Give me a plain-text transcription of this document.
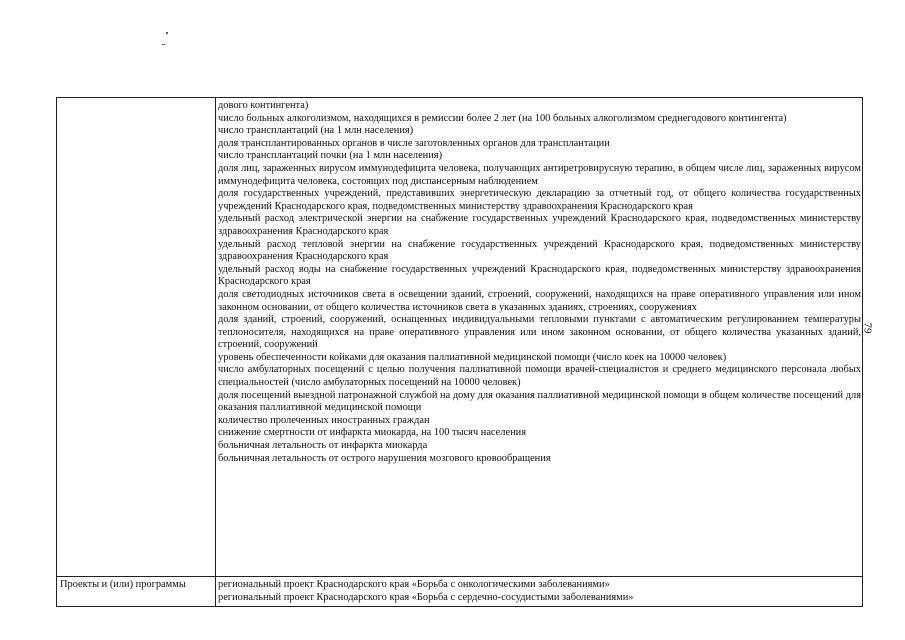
дового контингента)
число больных алкоголизмом, находящихся в ремиссии более 2 лет (на 100 больных алкоголизмом среднегодового контингента)
число трансплантаций (на 1 млн населения)
доля трансплантированных органов в числе заготовленных органов для трансплантации
число трансплантаций почки (на 1 млн населения)
доля лиц, зараженных вирусом иммунодефицита человека, получающих антиретровирусную терапию, в общем числе лиц, зараженных вирусом иммунодефицита человека, состоящих под диспансерным наблюдением
доля государственных учреждений, представивших энергетическую декларацию за отчетный год, от общего количества государственных учреждений Краснодарского края, подведомственных министерству здравоохранения Краснодарского края
удельный расход электрической энергии на снабжение государственных учреждений Краснодарского края, подведомственных министерству здравоохранения Краснодарского края
удельный расход тепловой энергии на снабжение государственных учреждений Краснодарского края, подведомственных министерству здравоохранения Краснодарского края
удельный расход воды на снабжение государственных учреждений Краснодарского края, подведомственных министерству здравоохранения Краснодарского края
доля светодиодных источников света в освещении зданий, строений, сооружений, находящихся на праве оперативного управления или ином законном основании, от общего количества источников света в указанных зданиях, строениях, сооружениях
доля зданий, строений, сооружений, оснащенных индивидуальными тепловыми пунктами с автоматическим регулированием температуры теплоносителя, находящихся на праве оперативного управления или ином законном основании, от общего количества указанных зданий, строений, сооружений
уровень обеспеченности койками для оказания паллиативной медицинской помощи (число коек на 10000 человек)
число амбулаторных посещений с целью получения паллиативной помощи врачей-специалистов и среднего медицинского персонала любых специальностей (число амбулаторных посещений на 10000 человек)
доля посещений выездной патронажной службой на дому для оказания паллиативной медицинской помощи в общем количестве посещений для оказания паллиативной медицинской помощи
количество пролеченных иностранных граждан
снижение смертности от инфаркта миокарда, на 100 тысяч населения
больничная летальность от инфаркта миокарда
больничная летальность от острого нарушения мозгового кровообращения
Проекты и (или) программы	региональный проект Краснодарского края «Борьба с онкологическими заболеваниями»
региональный проект Краснодарского края «Борьба с сердечно-сосудистыми заболеваниями»
79
